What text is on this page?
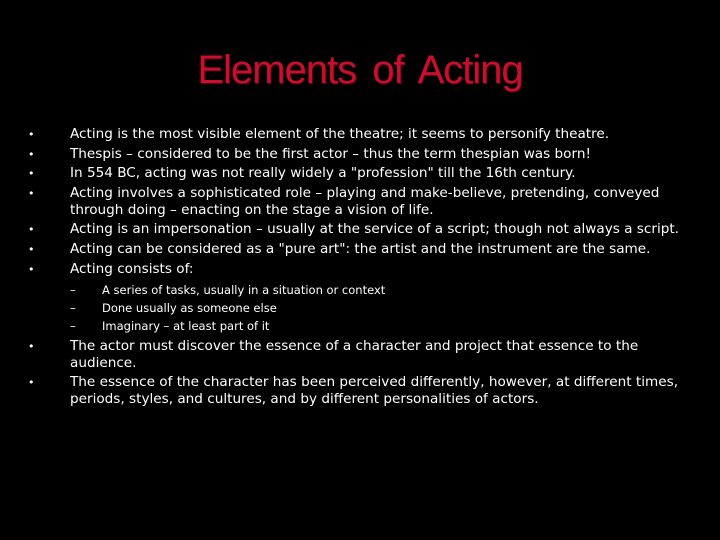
Elements of Acting
•	Acting is the most visible element of the theatre; it seems to personify theatre.
•	Thespis – considered to be the first actor – thus the term thespian was born!
•	In 554 BC, acting was not really widely a "profession" till the 16th century.
•	Acting involves a sophisticated role – playing and make-believe, pretending, conveyed through doing – enacting on the stage a vision of life.
•	Acting is an impersonation – usually at the service of a script; though not always a script.
•	Acting can be considered as a "pure art": the artist and the instrument are the same.
•	Acting consists of:
– A series of tasks, usually in a situation or context
– Done usually as someone else
– Imaginary – at least part of it
•	The actor must discover the essence of a character and project that essence to the audience.
•	The essence of the character has been perceived differently, however, at different times, periods, styles, and cultures, and by different personalities of actors.
